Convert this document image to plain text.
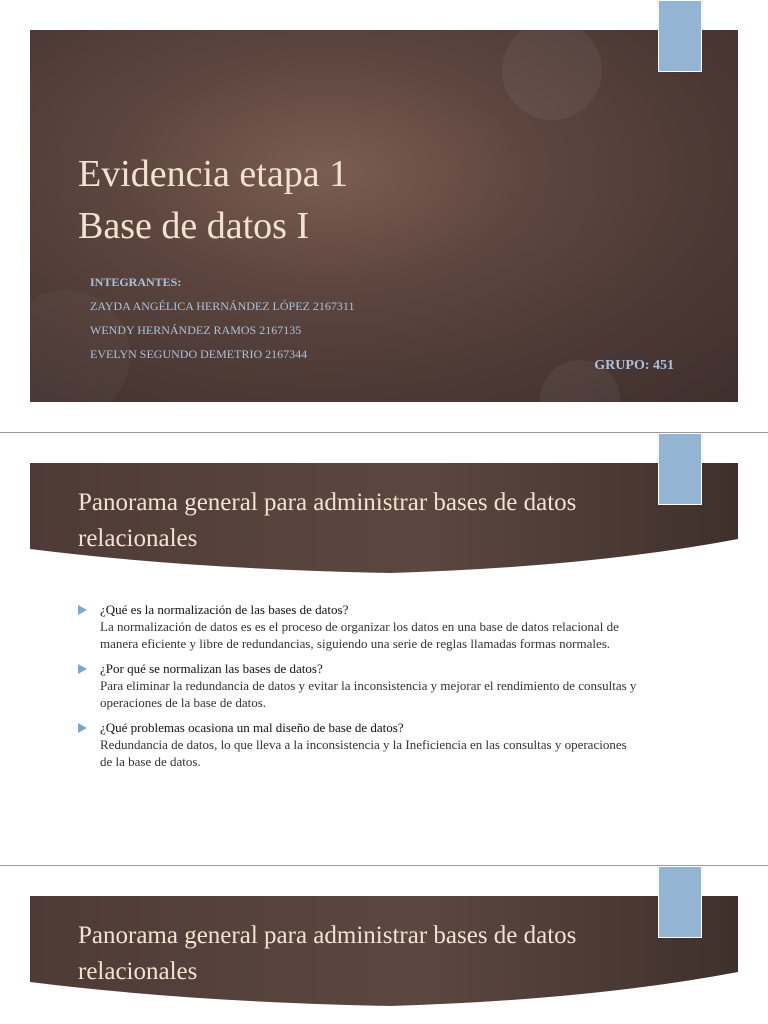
Evidencia etapa 1
Base de datos I
INTEGRANTES:
ZAYDA ANGÉLICA HERNÁNDEZ LÓPEZ 2167311
WENDY HERNÁNDEZ RAMOS 2167135
EVELYN SEGUNDO DEMETRIO 2167344
GRUPO: 451
Panorama general para administrar bases de datos relacionales
¿Qué es la normalización de las bases de datos?
La normalización de datos es es el proceso de organizar los datos en una base de datos relacional de manera eficiente y libre de redundancias, siguiendo una serie de reglas llamadas formas normales.
¿Por qué se normalizan las bases de datos?
Para eliminar la redundancia de datos y evitar la inconsistencia y mejorar el rendimiento de consultas y operaciones de la base de datos.
¿Qué problemas ocasiona un mal diseño de base de datos?
Redundancia de datos, lo que lleva a la inconsistencia y la Ineficiencia en las consultas y operaciones de la base de datos.
Panorama general para administrar bases de datos relacionales
